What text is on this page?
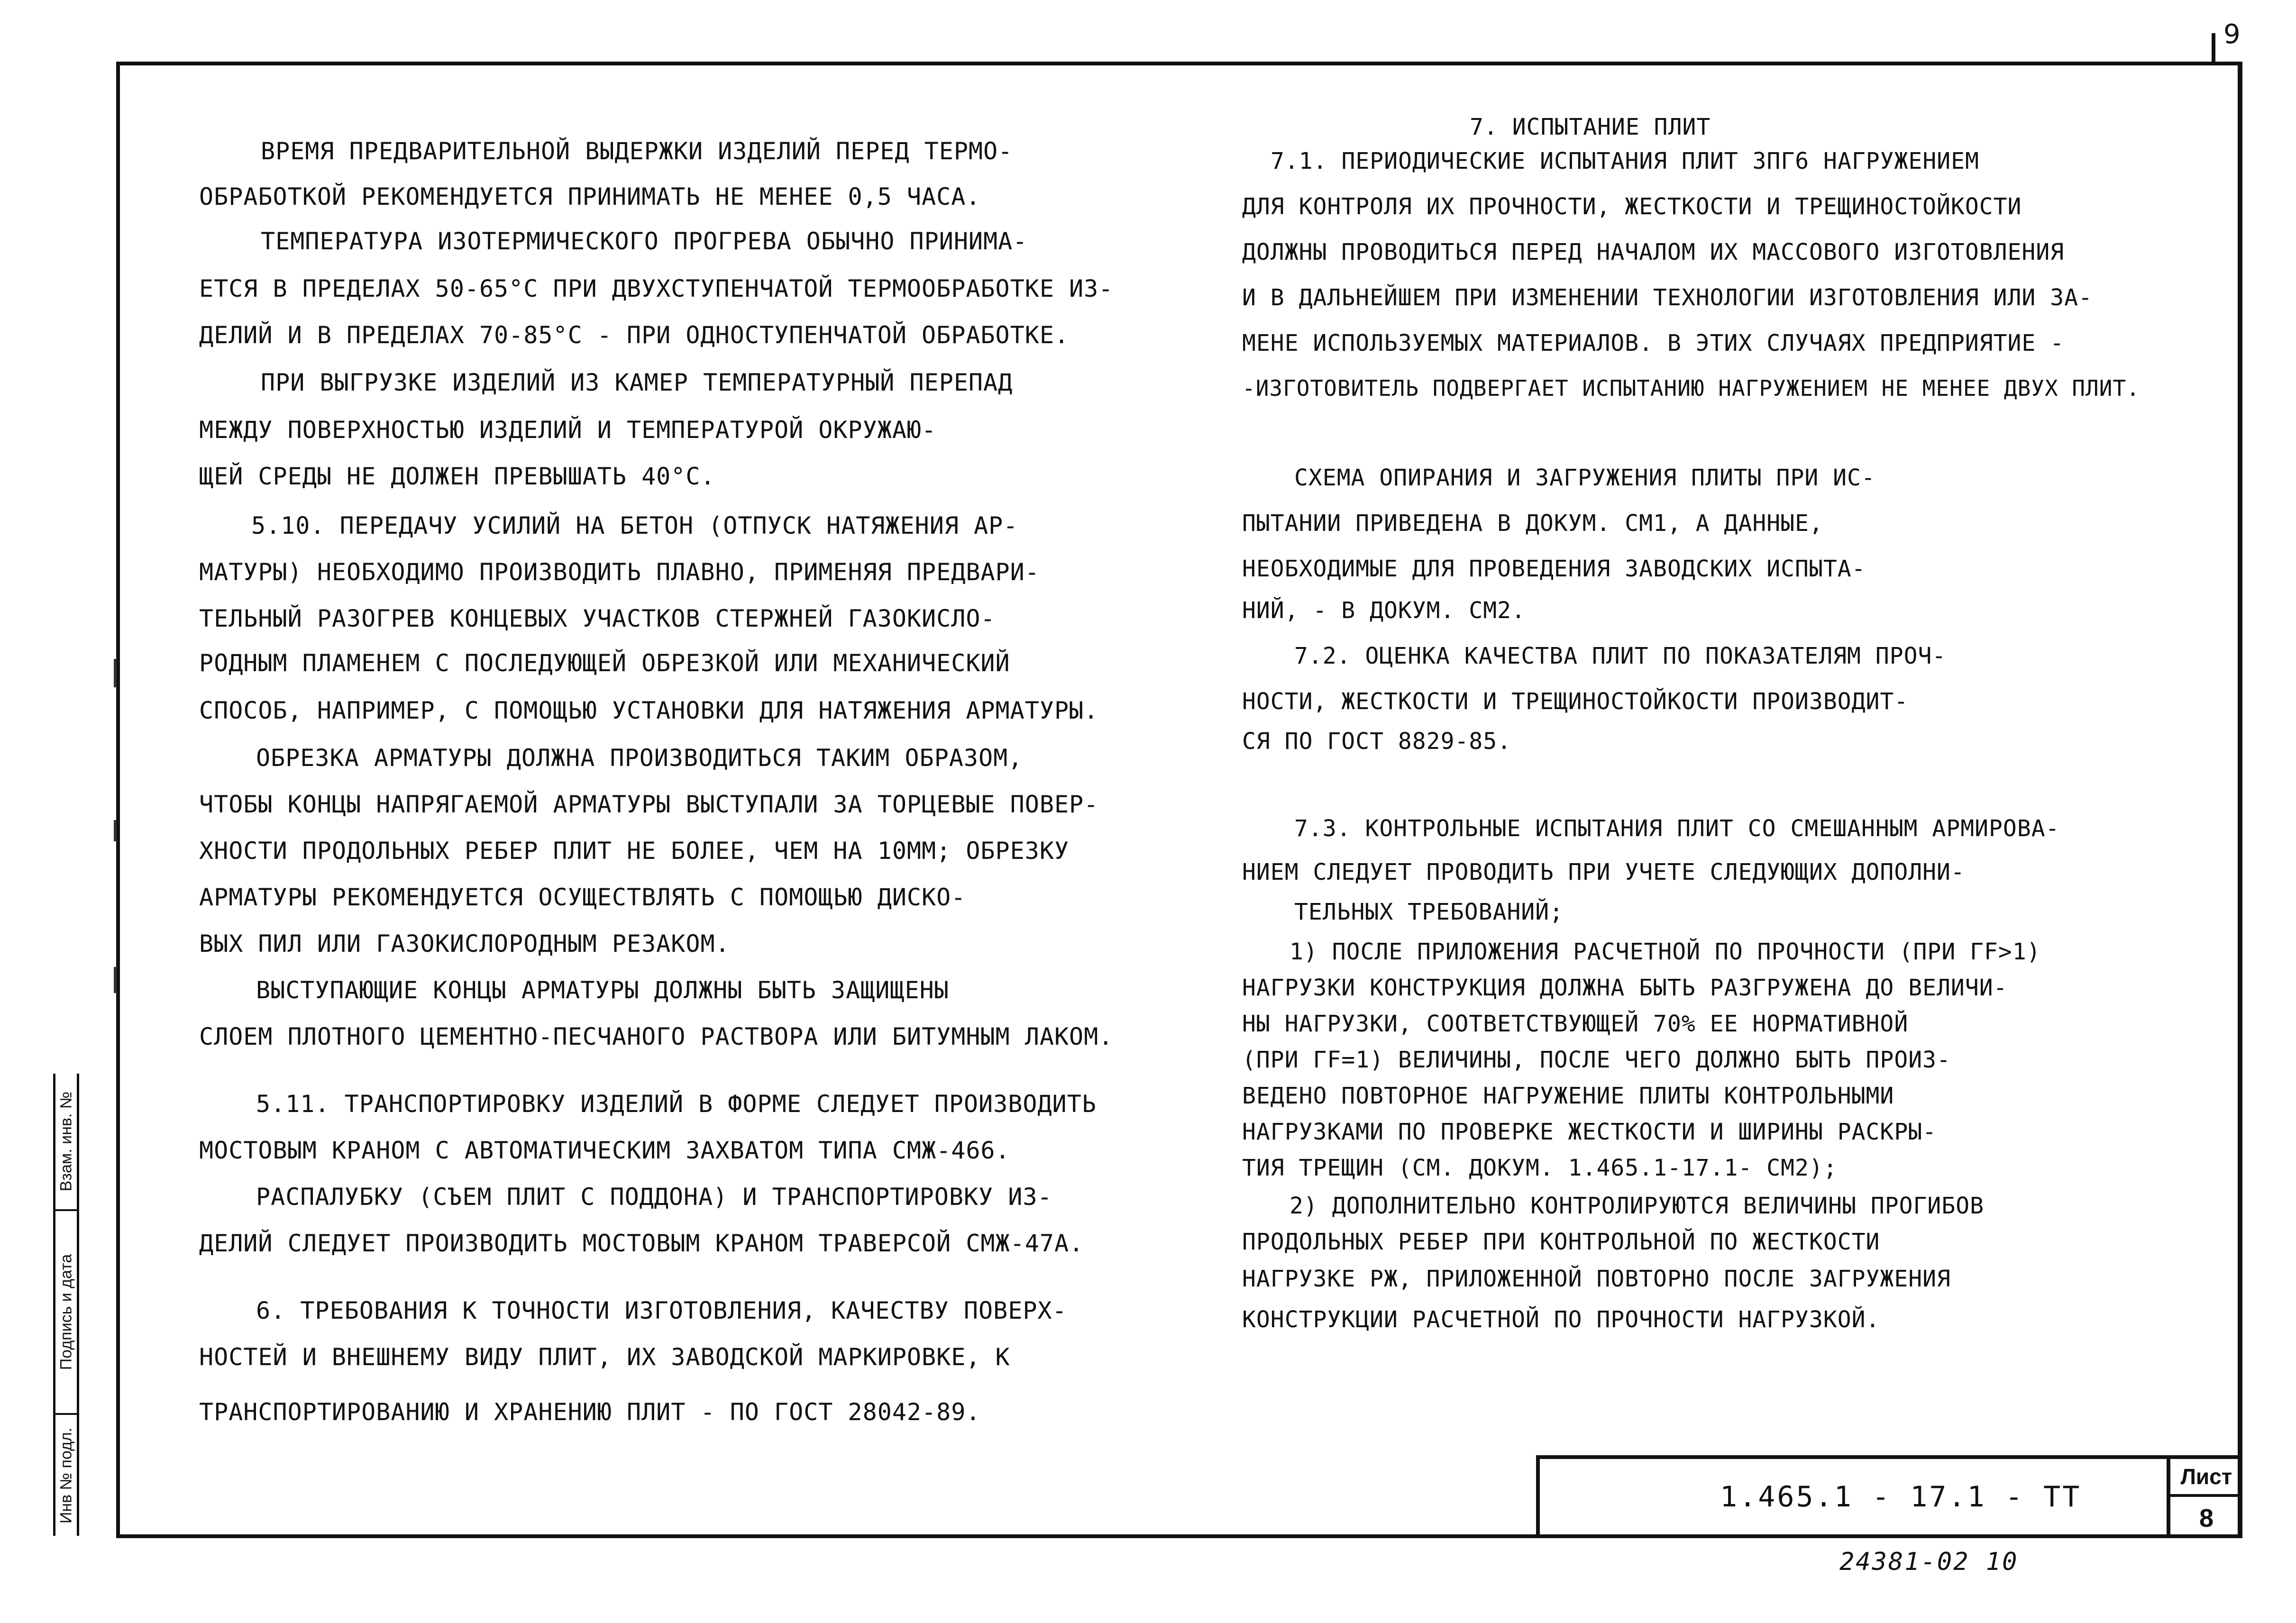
9
Взам. инв. №
Подпись и дата
Инв № подл.
ВРЕМЯ ПРЕДВАРИТЕЛЬНОЙ ВЫДЕРЖКИ ИЗДЕЛИЙ ПЕРЕД ТЕРМО-
ОБРАБОТКОЙ РЕКОМЕНДУЕТСЯ ПРИНИМАТЬ НЕ МЕНЕЕ 0,5 ЧАСА.
ТЕМПЕРАТУРА ИЗОТЕРМИЧЕСКОГО ПРОГРЕВА ОБЫЧНО ПРИНИМА-
ЕТСЯ В ПРЕДЕЛАХ 50-65°С ПРИ ДВУХСТУПЕНЧАТОЙ ТЕРМООБРАБОТКЕ ИЗ-
ДЕЛИЙ И В ПРЕДЕЛАХ 70-85°С - ПРИ ОДНОСТУПЕНЧАТОЙ ОБРАБОТКЕ.
ПРИ ВЫГРУЗКЕ ИЗДЕЛИЙ ИЗ КАМЕР ТЕМПЕРАТУРНЫЙ ПЕРЕПАД
МЕЖДУ ПОВЕРХНОСТЬЮ ИЗДЕЛИЙ И ТЕМПЕРАТУРОЙ ОКРУЖАЮ-
ЩЕЙ СРЕДЫ НЕ ДОЛЖЕН ПРЕВЫШАТЬ 40°С.
5.10. ПЕРЕДАЧУ УСИЛИЙ НА БЕТОН (ОТПУСК НАТЯЖЕНИЯ АР-
МАТУРЫ) НЕОБХОДИМО ПРОИЗВОДИТЬ ПЛАВНО, ПРИМЕНЯЯ ПРЕДВАРИ-
ТЕЛЬНЫЙ РАЗОГРЕВ КОНЦЕВЫХ УЧАСТКОВ СТЕРЖНЕЙ ГАЗОКИСЛО-
РОДНЫМ ПЛАМЕНЕМ С ПОСЛЕДУЮЩЕЙ ОБРЕЗКОЙ ИЛИ МЕХАНИЧЕСКИЙ
СПОСОБ, НАПРИМЕР, С ПОМОЩЬЮ УСТАНОВКИ ДЛЯ НАТЯЖЕНИЯ АРМАТУРЫ.
ОБРЕЗКА АРМАТУРЫ ДОЛЖНА ПРОИЗВОДИТЬСЯ ТАКИМ ОБРАЗОМ,
ЧТОБЫ КОНЦЫ НАПРЯГАЕМОЙ АРМАТУРЫ ВЫСТУПАЛИ ЗА ТОРЦЕВЫЕ ПОВЕР-
ХНОСТИ ПРОДОЛЬНЫХ РЕБЕР ПЛИТ НЕ БОЛЕЕ, ЧЕМ НА 10ММ; ОБРЕЗКУ
АРМАТУРЫ РЕКОМЕНДУЕТСЯ ОСУЩЕСТВЛЯТЬ С ПОМОЩЬЮ ДИСКО-
ВЫХ ПИЛ ИЛИ ГАЗОКИСЛОРОДНЫМ РЕЗАКОМ.
ВЫСТУПАЮЩИЕ КОНЦЫ АРМАТУРЫ ДОЛЖНЫ БЫТЬ ЗАЩИЩЕНЫ
СЛОЕМ ПЛОТНОГО ЦЕМЕНТНО-ПЕСЧАНОГО РАСТВОРА ИЛИ БИТУМНЫМ ЛАКОМ.
5.11. ТРАНСПОРТИРОВКУ ИЗДЕЛИЙ В ФОРМЕ СЛЕДУЕТ ПРОИЗВОДИТЬ
МОСТОВЫМ КРАНОМ С АВТОМАТИЧЕСКИМ ЗАХВАТОМ ТИПА СМЖ-466.
РАСПАЛУБКУ (СЪЕМ ПЛИТ С ПОДДОНА) И ТРАНСПОРТИРОВКУ ИЗ-
ДЕЛИЙ СЛЕДУЕТ ПРОИЗВОДИТЬ МОСТОВЫМ КРАНОМ ТРАВЕРСОЙ СМЖ-47А.
6. ТРЕБОВАНИЯ К ТОЧНОСТИ ИЗГОТОВЛЕНИЯ, КАЧЕСТВУ ПОВЕРХ-
НОСТЕЙ И ВНЕШНЕМУ ВИДУ ПЛИТ, ИХ ЗАВОДСКОЙ МАРКИРОВКЕ, К
ТРАНСПОРТИРОВАНИЮ И ХРАНЕНИЮ ПЛИТ - ПО ГОСТ 28042-89.
7. ИСПЫТАНИЕ ПЛИТ
7.1. ПЕРИОДИЧЕСКИЕ ИСПЫТАНИЯ ПЛИТ 3ПГ6 НАГРУЖЕНИЕМ
ДЛЯ КОНТРОЛЯ ИХ ПРОЧНОСТИ, ЖЕСТКОСТИ И ТРЕЩИНОСТОЙКОСТИ
ДОЛЖНЫ ПРОВОДИТЬСЯ ПЕРЕД НАЧАЛОМ ИХ МАССОВОГО ИЗГОТОВЛЕНИЯ
И В ДАЛЬНЕЙШЕМ ПРИ ИЗМЕНЕНИИ ТЕХНОЛОГИИ ИЗГОТОВЛЕНИЯ ИЛИ ЗА-
МЕНЕ ИСПОЛЬЗУЕМЫХ МАТЕРИАЛОВ. В ЭТИХ СЛУЧАЯХ ПРЕДПРИЯТИЕ -
-ИЗГОТОВИТЕЛЬ ПОДВЕРГАЕТ ИСПЫТАНИЮ НАГРУЖЕНИЕМ НЕ МЕНЕЕ ДВУХ ПЛИТ.
СХЕМА ОПИРАНИЯ И ЗАГРУЖЕНИЯ ПЛИТЫ ПРИ ИС-
ПЫТАНИИ ПРИВЕДЕНА В ДОКУМ. СМ1, А ДАННЫЕ,
НЕОБХОДИМЫЕ ДЛЯ ПРОВЕДЕНИЯ ЗАВОДСКИХ ИСПЫТА-
НИЙ, - В ДОКУМ. СМ2.
7.2. ОЦЕНКА КАЧЕСТВА ПЛИТ ПО ПОКАЗАТЕЛЯМ ПРОЧ-
НОСТИ, ЖЕСТКОСТИ И ТРЕЩИНОСТОЙКОСТИ ПРОИЗВОДИТ-
СЯ ПО ГОСТ 8829-85.
7.3. КОНТРОЛЬНЫЕ ИСПЫТАНИЯ ПЛИТ СО СМЕШАННЫМ АРМИРОВА-
НИЕМ СЛЕДУЕТ ПРОВОДИТЬ ПРИ УЧЕТЕ СЛЕДУЮЩИХ ДОПОЛНИ-
ТЕЛЬНЫХ ТРЕБОВАНИЙ;
1) ПОСЛЕ ПРИЛОЖЕНИЯ РАСЧЕТНОЙ ПО ПРОЧНОСТИ (ПРИ ΓF>1)
НАГРУЗКИ КОНСТРУКЦИЯ ДОЛЖНА БЫТЬ РАЗГРУЖЕНА ДО ВЕЛИЧИ-
НЫ НАГРУЗКИ, СООТВЕТСТВУЮЩЕЙ 70% ЕЕ НОРМАТИВНОЙ
(ПРИ ΓF=1) ВЕЛИЧИНЫ, ПОСЛЕ ЧЕГО ДОЛЖНО БЫТЬ ПРОИЗ-
ВЕДЕНО ПОВТОРНОЕ НАГРУЖЕНИЕ ПЛИТЫ КОНТРОЛЬНЫМИ
НАГРУЗКАМИ ПО ПРОВЕРКЕ ЖЕСТКОСТИ И ШИРИНЫ РАСКРЫ-
ТИЯ ТРЕЩИН (СМ. ДОКУМ. 1.465.1-17.1- СМ2);
2) ДОПОЛНИТЕЛЬНО КОНТРОЛИРУЮТСЯ ВЕЛИЧИНЫ ПРОГИБОВ
ПРОДОЛЬНЫХ РЕБЕР ПРИ КОНТРОЛЬНОЙ ПО ЖЕСТКОСТИ
НАГРУЗКЕ РЖ, ПРИЛОЖЕННОЙ ПОВТОРНО ПОСЛЕ ЗАГРУЖЕНИЯ
КОНСТРУКЦИИ РАСЧЕТНОЙ ПО ПРОЧНОСТИ НАГРУЗКОЙ.
1.465.1 - 17.1 - ТТ
Лист
8
24381-02 10
